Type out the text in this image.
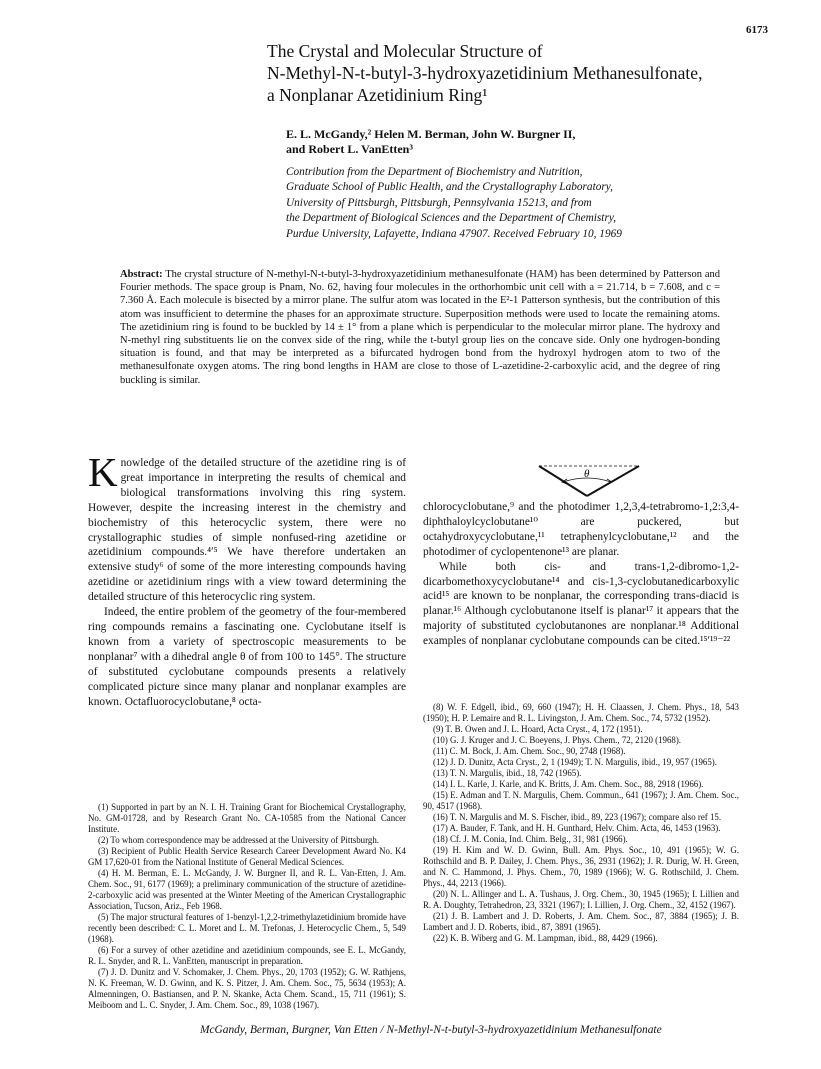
6173
The Crystal and Molecular Structure of
N-Methyl-N-t-butyl-3-hydroxyazetidinium Methanesulfonate,
a Nonplanar Azetidinium Ring¹
E. L. McGandy,² Helen M. Berman, John W. Burgner II,
and Robert L. VanEtten³
Contribution from the Department of Biochemistry and Nutrition,
Graduate School of Public Health, and the Crystallography Laboratory,
University of Pittsburgh, Pittsburgh, Pennsylvania 15213, and from
the Department of Biological Sciences and the Department of Chemistry,
Purdue University, Lafayette, Indiana 47907. Received February 10, 1969
Abstract: The crystal structure of N-methyl-N-t-butyl-3-hydroxyazetidinium methanesulfonate (HAM) has been determined by Patterson and Fourier methods. The space group is Pnam, No. 62, having four molecules in the orthorhombic unit cell with a = 21.714, b = 7.608, and c = 7.360 Å. Each molecule is bisected by a mirror plane. The sulfur atom was located in the E²-1 Patterson synthesis, but the contribution of this atom was insufficient to determine the phases for an approximate structure. Superposition methods were used to locate the remaining atoms. The azetidinium ring is found to be buckled by 14 ± 1° from a plane which is perpendicular to the molecular mirror plane. The hydroxy and N-methyl ring substituents lie on the convex side of the ring, while the t-butyl group lies on the concave side. Only one hydrogen-bonding situation is found, and that may be interpreted as a bifurcated hydrogen bond from the hydroxyl hydrogen atom to two of the methanesulfonate oxygen atoms. The ring bond lengths in HAM are close to those of L-azetidine-2-carboxylic acid, and the degree of ring buckling is similar.

Knowledge of the detailed structure of the azetidine ring is of great importance in interpreting the results of chemical and biological transformations involving this ring system. However, despite the increasing interest in the chemistry and biochemistry of this heterocyclic system, there were no crystallographic studies of simple nonfused-ring azetidine or azetidinium compounds.⁴ʹ⁵ We have therefore undertaken an extensive study⁶ of some of the more interesting compounds having azetidine or azetidinium rings with a view toward determining the detailed structure of this heterocyclic ring system.

Indeed, the entire problem of the geometry of the four-membered ring compounds remains a fascinating one. Cyclobutane itself is known from a variety of spectroscopic measurements to be nonplanar⁷ with a dihedral angle θ of from 100 to 145°. The structure of substituted cyclobutane compounds presents a relatively complicated picture since many planar and nonplanar examples are known. Octafluorocyclobutane,⁸ octa-

θ

chlorocyclobutane,⁹ and the photodimer 1,2,3,4-tetrabromo-1,2:3,4-diphthaloylcyclobutane¹⁰ are puckered, but octahydroxycyclobutane,¹¹ tetraphenylcyclobutane,¹² and the photodimer of cyclopentenone¹³ are planar.

While both cis- and trans-1,2-dibromo-1,2-dicarbomethoxycyclobutane¹⁴ and cis-1,3-cyclobutanedicarboxylic acid¹⁵ are known to be nonplanar, the corresponding trans-diacid is planar.¹⁶ Although cyclobutanone itself is planar¹⁷ it appears that the majority of substituted cyclobutanones are nonplanar.¹⁸ Additional examples of nonplanar cyclobutane compounds can be cited.¹⁵ʹ¹⁹⁻²²

(1) Supported in part by an N. I. H. Training Grant for Biochemical Crystallography, No. GM-01728, and by Research Grant No. CA-10585 from the National Cancer Institute.

(2) To whom correspondence may be addressed at the University of Pittsburgh.

(3) Recipient of Public Health Service Research Career Development Award No. K4 GM 17,620-01 from the National Institute of General Medical Sciences.

(4) H. M. Berman, E. L. McGandy, J. W. Burgner II, and R. L. Van-Etten, J. Am. Chem. Soc., 91, 6177 (1969); a preliminary communication of the structure of azetidine-2-carboxylic acid was presented at the Winter Meeting of the American Crystallographic Association, Tucson, Ariz., Feb 1968.

(5) The major structural features of 1-benzyl-1,2,2-trimethylazetidinium bromide have recently been described: C. L. Moret and L. M. Trefonas, J. Heterocyclic Chem., 5, 549 (1968).

(6) For a survey of other azetidine and azetidinium compounds, see E. L. McGandy, R. L. Snyder, and R. L. VanEtten, manuscript in preparation.

(7) J. D. Dunitz and V. Schomaker, J. Chem. Phys., 20, 1703 (1952); G. W. Rathjens, N. K. Freeman, W. D. Gwinn, and K. S. Pitzer, J. Am. Chem. Soc., 75, 5634 (1953); A. Almenningen, O. Bastiansen, and P. N. Skanke, Acta Chem. Scand., 15, 711 (1961); S. Meiboom and L. C. Snyder, J. Am. Chem. Soc., 89, 1038 (1967).

(8) W. F. Edgell, ibid., 69, 660 (1947); H. H. Claassen, J. Chem. Phys., 18, 543 (1950); H. P. Lemaire and R. L. Livingston, J. Am. Chem. Soc., 74, 5732 (1952).

(9) T. B. Owen and J. L. Hoard, Acta Cryst., 4, 172 (1951).

(10) G. J. Kruger and J. C. Boeyens, J. Phys. Chem., 72, 2120 (1968).

(11) C. M. Bock, J. Am. Chem. Soc., 90, 2748 (1968).

(12) J. D. Dunitz, Acta Cryst., 2, 1 (1949); T. N. Margulis, ibid., 19, 957 (1965).

(13) T. N. Margulis, ibid., 18, 742 (1965).

(14) I. L. Karle, J. Karle, and K. Britts, J. Am. Chem. Soc., 88, 2918 (1966).

(15) E. Adman and T. N. Margulis, Chem. Commun., 641 (1967); J. Am. Chem. Soc., 90, 4517 (1968).

(16) T. N. Margulis and M. S. Fischer, ibid., 89, 223 (1967); compare also ref 15.

(17) A. Bauder, F. Tank, and H. H. Gunthard, Helv. Chim. Acta, 46, 1453 (1963).

(18) Cf. J. M. Conia, Ind. Chim. Belg., 31, 981 (1966).

(19) H. Kim and W. D. Gwinn, Bull. Am. Phys. Soc., 10, 491 (1965); W. G. Rothschild and B. P. Dailey, J. Chem. Phys., 36, 2931 (1962); J. R. Durig, W. H. Green, and N. C. Hammond, J. Phys. Chem., 70, 1989 (1966); W. G. Rothschild, J. Chem. Phys., 44, 2213 (1966).

(20) N. L. Allinger and L. A. Tushaus, J. Org. Chem., 30, 1945 (1965); I. Lillien and R. A. Doughty, Tetrahedron, 23, 3321 (1967); I. Lillien, J. Org. Chem., 32, 4152 (1967).

(21) J. B. Lambert and J. D. Roberts, J. Am. Chem. Soc., 87, 3884 (1965); J. B. Lambert and J. D. Roberts, ibid., 87, 3891 (1965).

(22) K. B. Wiberg and G. M. Lampman, ibid., 88, 4429 (1966).

McGandy, Berman, Burgner, Van Etten / N-Methyl-N-t-butyl-3-hydroxyazetidinium Methanesulfonate
